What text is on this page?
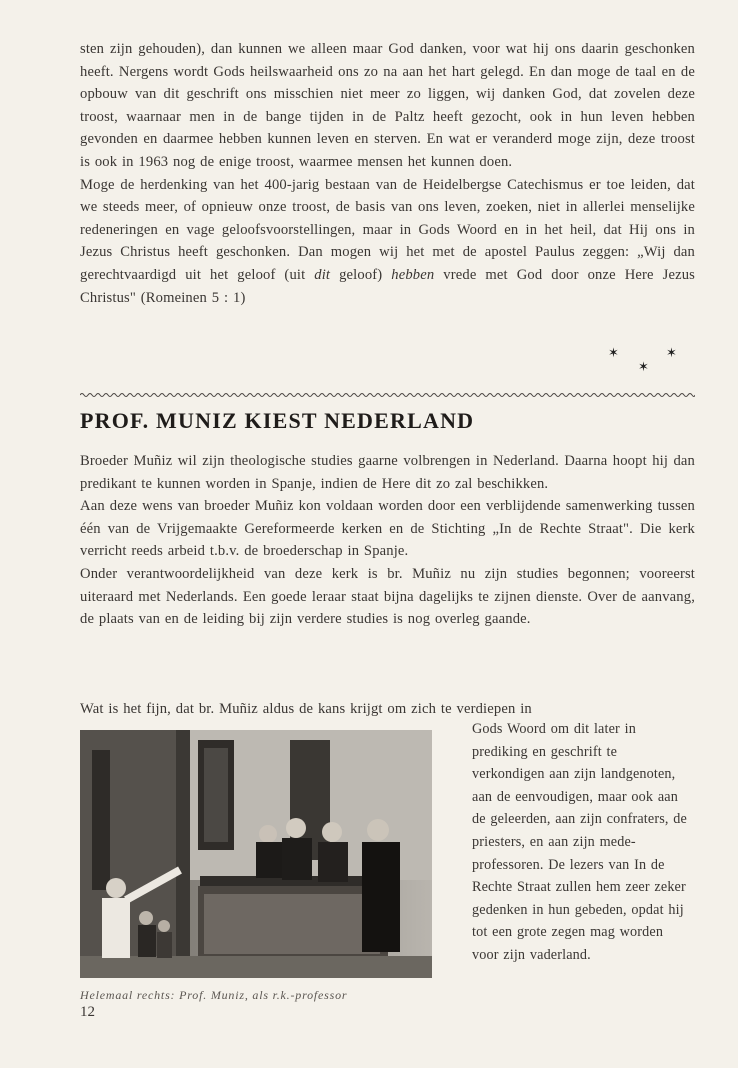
sten zijn gehouden), dan kunnen we alleen maar God danken, voor wat hij ons daarin geschonken heeft. Nergens wordt Gods heilswaarheid ons zo na aan het hart gelegd. En dan moge de taal en de opbouw van dit geschrift ons misschien niet meer zo liggen, wij danken God, dat zovelen deze troost, waarnaar men in de bange tijden in de Paltz heeft gezocht, ook in hun leven hebben gevonden en daarmee hebben kunnen leven en sterven. En wat er veranderd moge zijn, deze troost is ook in 1963 nog de enige troost, waarmee mensen het kunnen doen.
Moge de herdenking van het 400-jarig bestaan van de Heidelbergse Catechismus er toe leiden, dat we steeds meer, of opnieuw onze troost, de basis van ons leven, zoeken, niet in allerlei menselijke redeneringen en vage geloofsvoorstellingen, maar in Gods Woord en in het heil, dat Hij ons in Jezus Christus heeft geschonken. Dan mogen wij het met de apostel Paulus zeggen: „Wij dan gerechtvaardigd uit het geloof (uit dit geloof) hebben vrede met God door onze Here Jezus Christus" (Romeinen 5 : 1)

✶
✶
✶
PROF. MUNIZ KIEST NEDERLAND

Broeder Muñiz wil zijn theologische studies gaarne volbrengen in Nederland. Daarna hoopt hij dan predikant te kunnen worden in Spanje, indien de Here dit zo zal beschikken.

Aan deze wens van broeder Muñiz kon voldaan worden door een verblijdende samenwerking tussen één van de Vrijgemaakte Gereformeerde kerken en de Stichting „In de Rechte Straat". Die kerk verricht reeds arbeid t.b.v. de broederschap in Spanje.

Onder verantwoordelijkheid van deze kerk is br. Muñiz nu zijn studies begonnen; vooreerst uiteraard met Nederlands. Een goede leraar staat bijna dagelijks te zijnen dienste. Over de aanvang, de plaats van en de leiding bij zijn verdere studies is nog overleg gaande.

Wat is het fijn, dat br. Muñiz aldus de kans krijgt om zich te verdiepen in

Helemaal rechts: Prof. Muniz, als r.k.-professor
12

Gods Woord om dit later in prediking en geschrift te verkondigen aan zijn landgenoten, aan de eenvoudigen, maar ook aan de geleerden, aan zijn confraters, de priesters, en aan zijn mede-professoren. De lezers van In de Rechte Straat zullen hem zeer zeker gedenken in hun gebeden, opdat hij tot een grote zegen mag worden voor zijn vaderland.
